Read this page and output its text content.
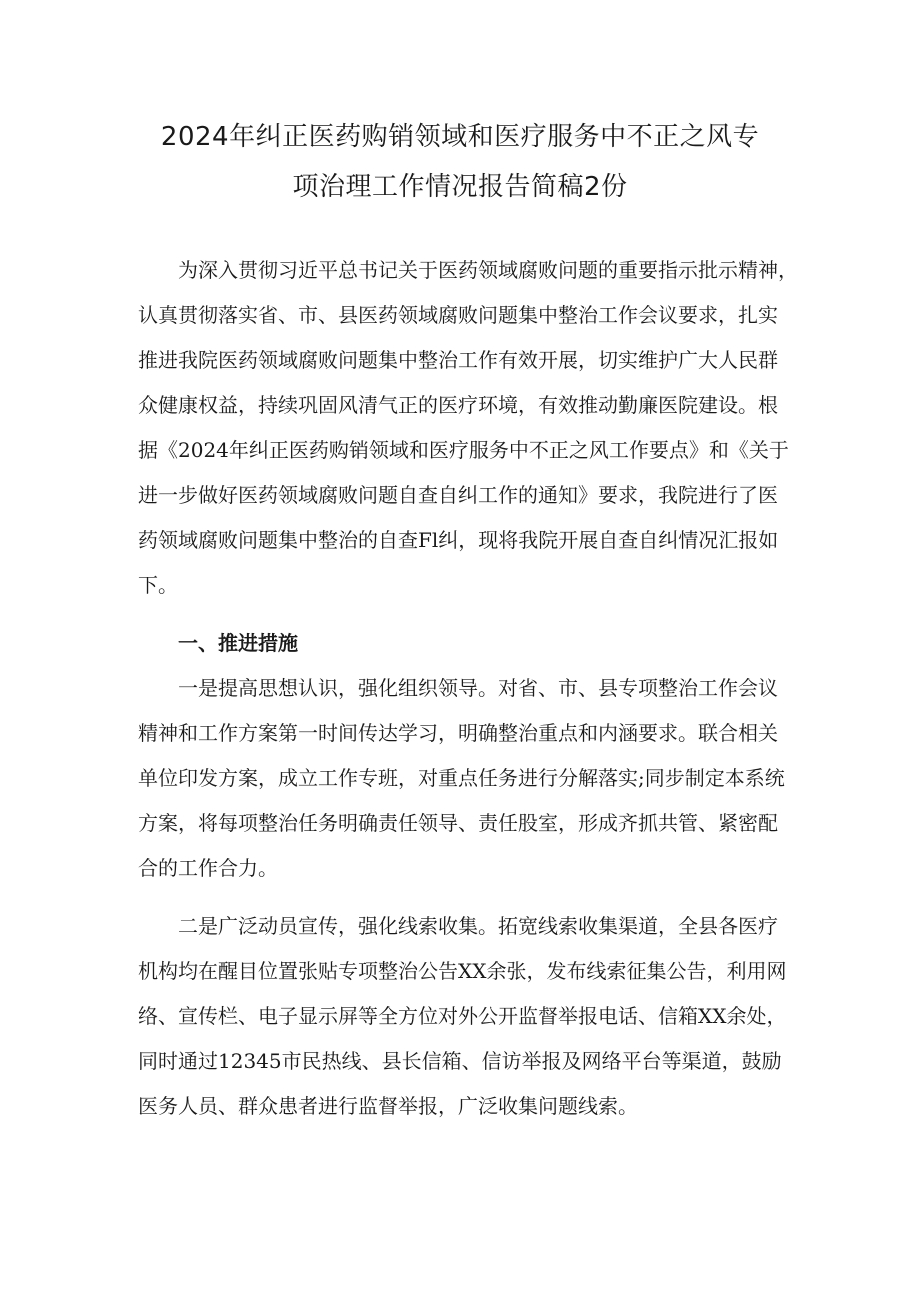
2024年纠正医药购销领域和医疗服务中不正之风专
项治理工作情况报告简稿2份

为深入贯彻习近平总书记关于医药领域腐败问题的重要指示批示精神，
认真贯彻落实省、市、县医药领域腐败问题集中整治工作会议要求，扎实
推进我院医药领域腐败问题集中整治工作有效开展，切实维护广大人民群
众健康权益，持续巩固风清气正的医疗环境，有效推动勤廉医院建设。根
据《2024年纠正医药购销领域和医疗服务中不正之风工作要点》和《关于
进一步做好医药领域腐败问题自查自纠工作的通知》要求，我院进行了医
药领域腐败问题集中整治的自查Fl纠，现将我院开展自查自纠情况汇报如
下。

一、推进措施

一是提高思想认识，强化组织领导。对省、市、县专项整治工作会议
精神和工作方案第一时间传达学习，明确整治重点和内涵要求。联合相关
单位印发方案，成立工作专班，对重点任务进行分解落实;同步制定本系统
方案，将每项整治任务明确责任领导、责任股室，形成齐抓共管、紧密配
合的工作合力。

二是广泛动员宣传，强化线索收集。拓宽线索收集渠道，全县各医疗
机构均在醒目位置张贴专项整治公告XX余张，发布线索征集公告，利用网
络、宣传栏、电子显示屏等全方位对外公开监督举报电话、信箱XX余处，
同时通过12345市民热线、县长信箱、信访举报及网络平台等渠道，鼓励
医务人员、群众患者进行监督举报，广泛收集问题线索。
